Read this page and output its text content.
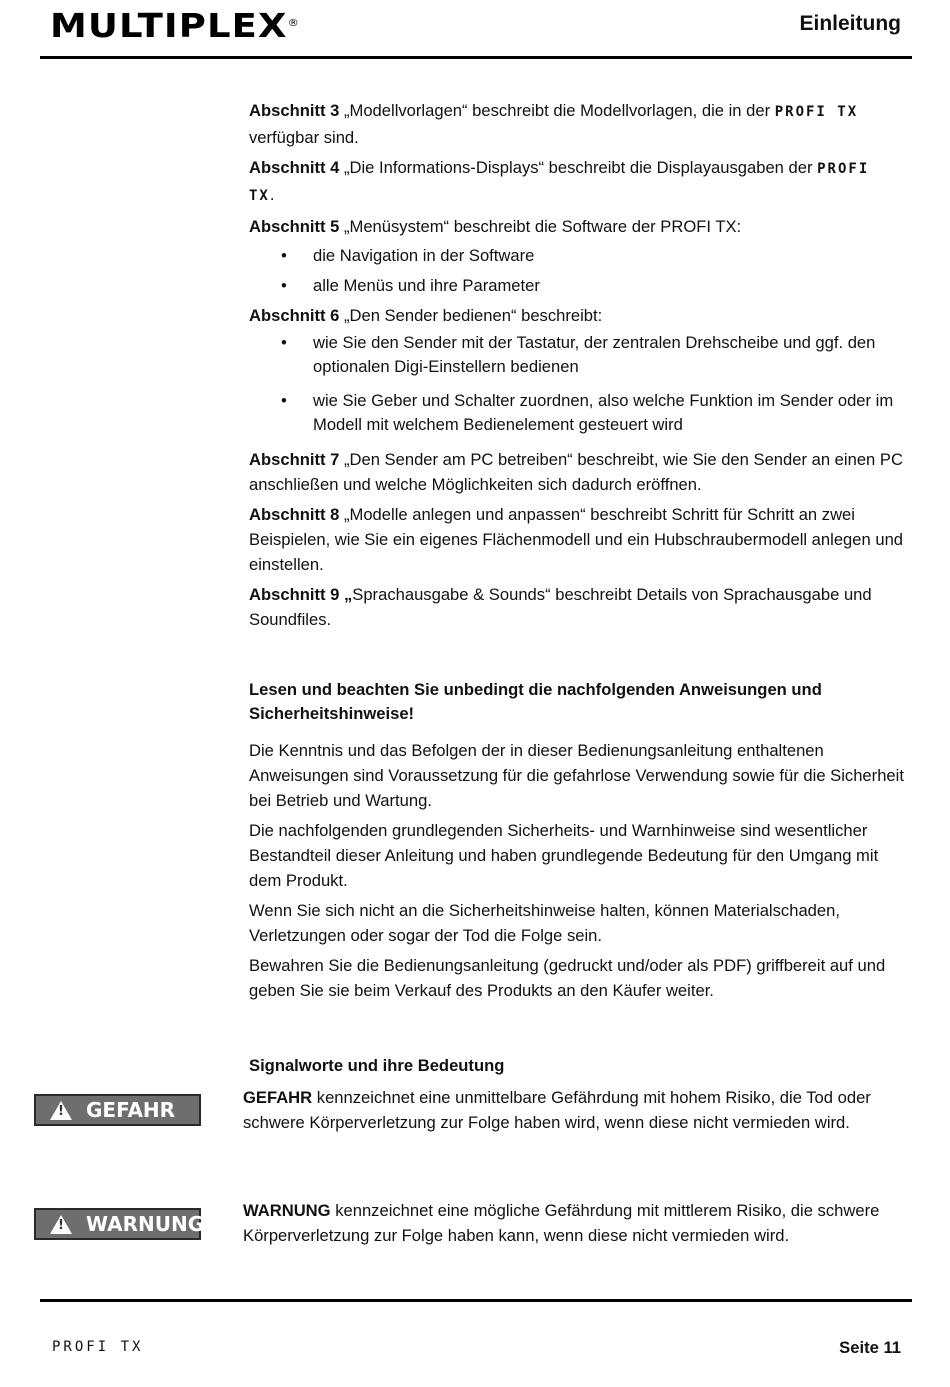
MULTIPLEX®	Einleitung

Abschnitt 3 „Modellvorlagen“ beschreibt die Modellvorlagen, die in der PROFI TX verfügbar sind.

Abschnitt 4 „Die Informations-Displays“ beschreibt die Displayausgaben der PROFI TX.

Abschnitt 5 „Menüsystem“ beschreibt die Software der PROFI TX:

• die Navigation in der Software
• alle Menüs und ihre Parameter

Abschnitt 6 „Den Sender bedienen“ beschreibt:

• wie Sie den Sender mit der Tastatur, der zentralen Drehscheibe und ggf. den optionalen Digi-Einstellern bedienen
• wie Sie Geber und Schalter zuordnen, also welche Funktion im Sender oder im Modell mit welchem Bedienelement gesteuert wird

Abschnitt 7 „Den Sender am PC betreiben“ beschreibt, wie Sie den Sender an einen PC anschließen und welche Möglichkeiten sich dadurch eröffnen.

Abschnitt 8 „Modelle anlegen und anpassen“ beschreibt Schritt für Schritt an zwei Beispielen, wie Sie ein eigenes Flächenmodell und ein Hubschraubermodell anlegen und einstellen.

Abschnitt 9 „Sprachausgabe & Sounds“ beschreibt Details von Sprachausgabe und Soundfiles.

Lesen und beachten Sie unbedingt die nachfolgenden Anweisungen und Sicherheitshinweise!

Die Kenntnis und das Befolgen der in dieser Bedienungsanleitung enthaltenen Anweisungen sind Voraussetzung für die gefahrlose Verwendung sowie für die Sicherheit bei Betrieb und Wartung.

Die nachfolgenden grundlegenden Sicherheits- und Warnhinweise sind wesentlicher Bestandteil dieser Anleitung und haben grundlegende Bedeutung für den Umgang mit dem Produkt.

Wenn Sie sich nicht an die Sicherheitshinweise halten, können Materialschaden, Verletzungen oder sogar der Tod die Folge sein.

Bewahren Sie die Bedienungsanleitung (gedruckt und/oder als PDF) griffbereit auf und geben Sie sie beim Verkauf des Produkts an den Käufer weiter.

Signalworte und ihre Bedeutung
! GEFAHR
GEFAHR kennzeichnet eine unmittelbare Gefährdung mit hohem Risiko, die Tod oder schwere Körperverletzung zur Folge haben wird, wenn diese nicht vermieden wird.
! WARNUNG
WARNUNG kennzeichnet eine mögliche Gefährdung mit mittlerem Risiko, die schwere Körperverletzung zur Folge haben kann, wenn diese nicht vermieden wird.
PROFI TX	Seite 11
